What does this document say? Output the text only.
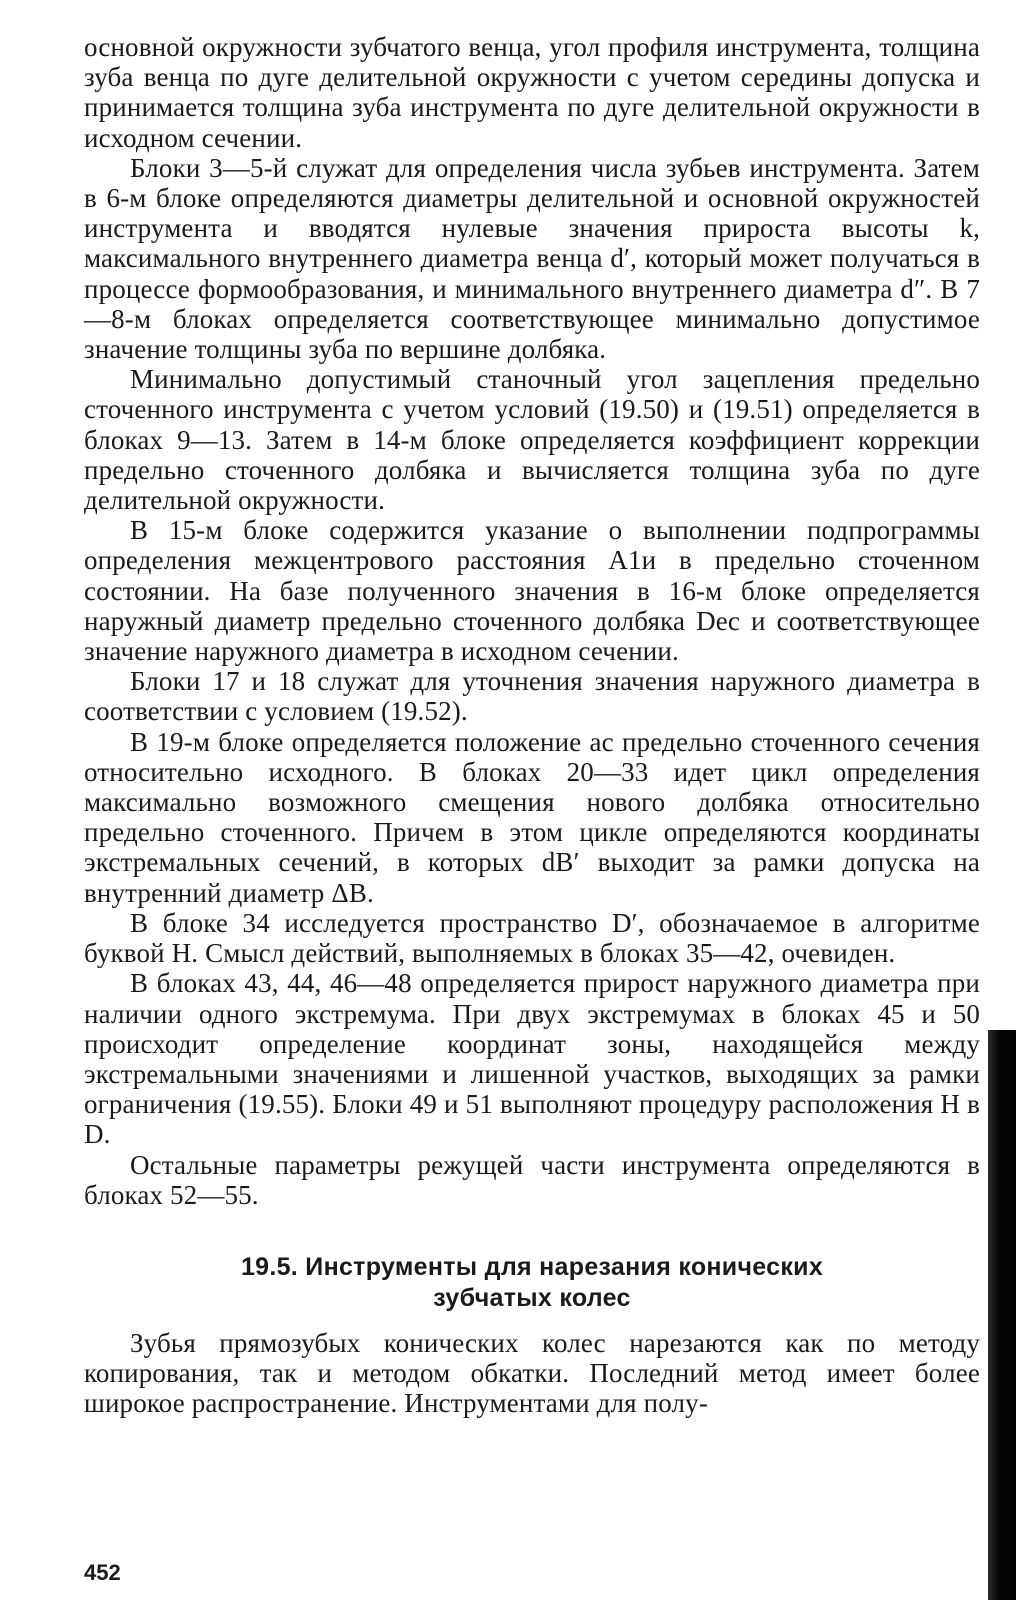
основной окружности зубчатого венца, угол профиля инструмента, толщина зуба венца по дуге делительной окружности с учетом середины допуска и принимается толщина зуба инструмента по дуге делительной окружности в исходном сечении.

Блоки 3—5-й служат для определения числа зубьев инструмента. Затем в 6-м блоке определяются диаметры делительной и основной окружностей инструмента и вводятся нулевые значения прироста высоты k, максимального внутреннего диаметра венца d′, который может получаться в процессе формообразования, и минимального внутреннего диаметра d″. В 7—8-м блоках определяется соответствующее минимально допустимое значение толщины зуба по вершине долбяка.

Минимально допустимый станочный угол зацепления предельно сточенного инструмента с учетом условий (19.50) и (19.51) определяется в блоках 9—13. Затем в 14-м блоке определяется коэффициент коррекции предельно сточенного долбяка и вычисляется толщина зуба по дуге делительной окружности.

В 15-м блоке содержится указание о выполнении подпрограммы определения межцентрового расстояния A1и в предельно сточенном состоянии. На базе полученного значения в 16-м блоке определяется наружный диаметр предельно сточенного долбяка Dec и соответствующее значение наружного диаметра в исходном сечении.

Блоки 17 и 18 служат для уточнения значения наружного диаметра в соответствии с условием (19.52).

В 19-м блоке определяется положение ac предельно сточенного сечения относительно исходного. В блоках 20—33 идет цикл определения максимально возможного смещения нового долбяка относительно предельно сточенного. Причем в этом цикле определяются координаты экстремальных сечений, в которых dB′ выходит за рамки допуска на внутренний диаметр ΔB.

В блоке 34 исследуется пространство D′, обозначаемое в алгоритме буквой H. Смысл действий, выполняемых в блоках 35—42, очевиден.

В блоках 43, 44, 46—48 определяется прирост наружного диаметра при наличии одного экстремума. При двух экстремумах в блоках 45 и 50 происходит определение координат зоны, находящейся между экстремальными значениями и лишенной участков, выходящих за рамки ограничения (19.55). Блоки 49 и 51 выполняют процедуру расположения H в D.

Остальные параметры режущей части инструмента определяются в блоках 52—55.

19.5. Инструменты для нарезания конических
зубчатых колес

Зубья прямозубых конических колес нарезаются как по методу копирования, так и методом обкатки. Последний метод имеет более широкое распространение. Инструментами для полу-

452
